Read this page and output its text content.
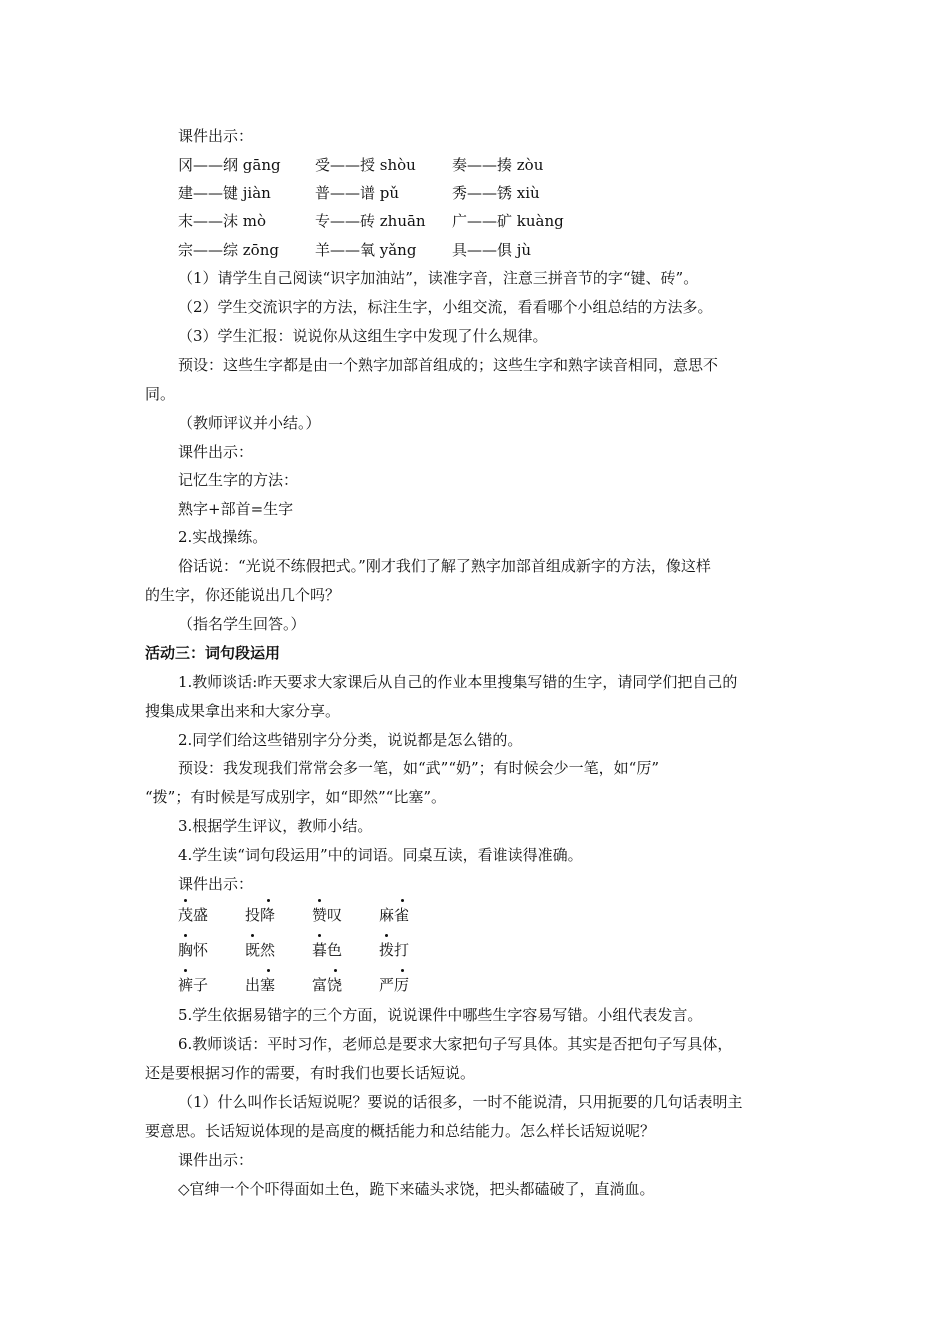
课件出示：
冈——纲 gāng 受——授 shòu 奏——揍 zòu
建——键 jiàn	普——谱 pǔ	秀——锈 xiù
末——沫 mò	专——砖 zhuān 广——矿 kuàng
宗——综 zōng 羊——氧 yǎng 具——俱 jù
（1）请学生自己阅读“识字加油站”，读准字音，注意三拼音节的字“键、砖”。
（2）学生交流识字的方法，标注生字，小组交流，看看哪个小组总结的方法多。
（3）学生汇报：说说你从这组生字中发现了什么规律。
预设：这些生字都是由一个熟字加部首组成的；这些生字和熟字读音相同，意思不
同。
（教师评议并小结。）
课件出示：
记忆生字的方法：
熟字+部首=生字
2.实战操练。
俗话说：“光说不练假把式。”刚才我们了解了熟字加部首组成新字的方法，像这样
的生字，你还能说出几个吗？
（指名学生回答。）
活动三：词句段运用
1.教师谈话:昨天要求大家课后从自己的作业本里搜集写错的生字，请同学们把自己的
搜集成果拿出来和大家分享。
2.同学们给这些错别字分分类，说说都是怎么错的。
预设：我发现我们常常会多一笔，如“武”“奶”；有时候会少一笔，如“厉”
“拨”；有时候是写成别字，如“即然”“比塞”。
3.根据学生评议，教师小结。
4.学生读“词句段运用”中的词语。同桌互读，看谁读得准确。
课件出示：
茂盛 投降 赞叹 麻雀
胸怀 既然 暮色 拨打
裤子 出塞 富饶 严厉
5.学生依据易错字的三个方面，说说课件中哪些生字容易写错。小组代表发言。
6.教师谈话：平时习作，老师总是要求大家把句子写具体。其实是否把句子写具体，
还是要根据习作的需要，有时我们也要长话短说。
（1）什么叫作长话短说呢？要说的话很多，一时不能说清，只用扼要的几句话表明主
要意思。长话短说体现的是高度的概括能力和总结能力。怎么样长话短说呢？
课件出示：
◇官绅一个个吓得面如土色，跪下来磕头求饶，把头都磕破了，直淌血。
